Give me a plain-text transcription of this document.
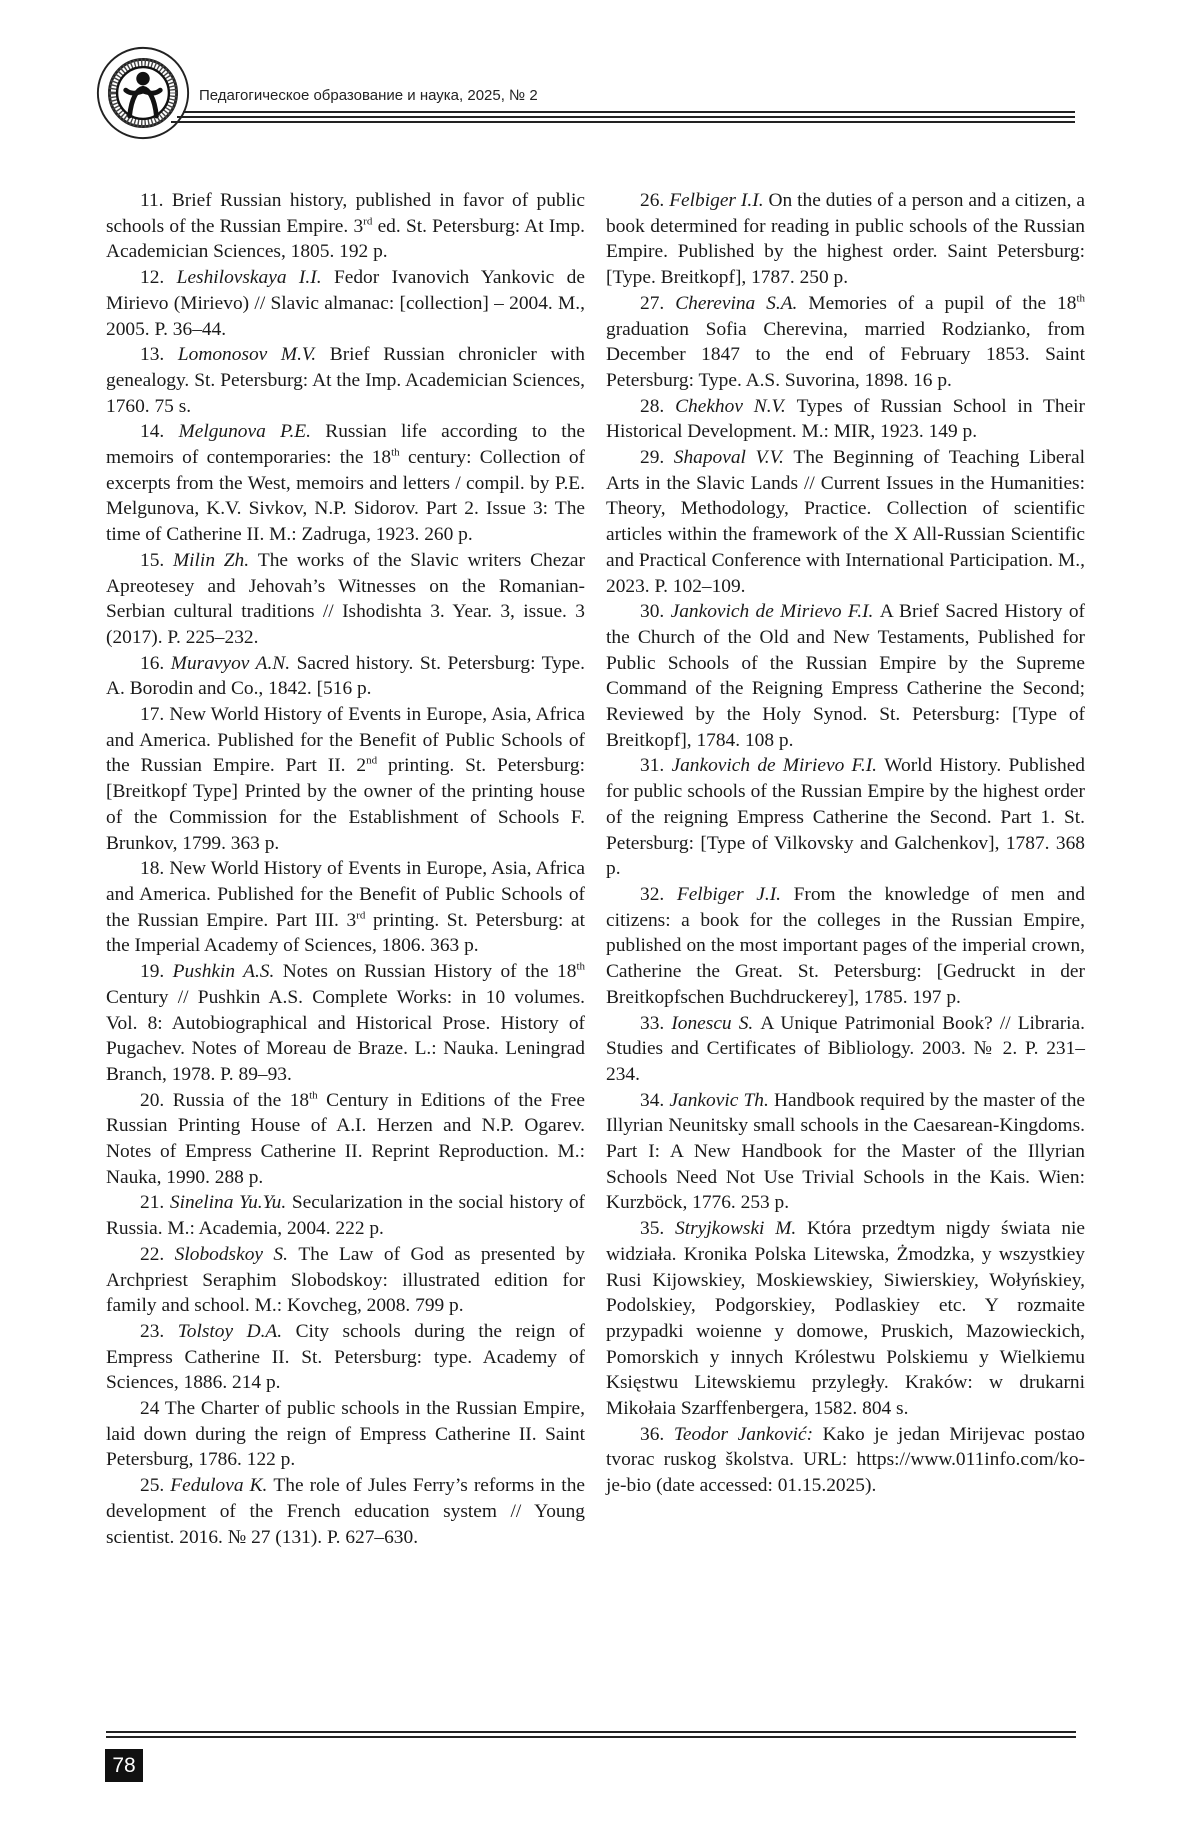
Педагогическое образование и наука, 2025, № 2

11. Brief Russian history, published in favor of public schools of the Russian Empire. 3rd ed. St. Petersburg: At Imp. Academician Sciences, 1805. 192 p.

12. Leshilovskaya I.I. Fedor Ivanovich Yankovic de Mirievo (Mirievo) // Slavic almanac: [collection] – 2004. M., 2005. P. 36–44.

13. Lomonosov M.V. Brief Russian chronicler with genealogy. St. Petersburg: At the Imp. Academician Sciences, 1760. 75 s.

14. Melgunova P.E. Russian life according to the memoirs of contemporaries: the 18th century: Collection of excerpts from the West, memoirs and letters / compil. by P.E. Melgunova, K.V. Sivkov, N.P. Sidorov. Part 2. Issue 3: The time of Catherine II. M.: Zadruga, 1923. 260 p.

15. Milin Zh. The works of the Slavic writers Chezar Apreotesey and Jehovah’s Witnesses on the Romanian-Serbian cultural traditions // Ishodishta 3. Year. 3, issue. 3 (2017). P. 225–232.

16. Muravyov A.N. Sacred history. St. Petersburg: Type. A. Borodin and Co., 1842. [516 p.

17. New World History of Events in Europe, Asia, Africa and America. Published for the Benefit of Public Schools of the Russian Empire. Part II. 2nd printing. St. Petersburg: [Breitkopf Type] Printed by the owner of the printing house of the Commission for the Establishment of Schools F. Brunkov, 1799. 363 p.

18. New World History of Events in Europe, Asia, Africa and America. Published for the Benefit of Public Schools of the Russian Empire. Part III. 3rd printing. St. Petersburg: at the Imperial Academy of Sciences, 1806. 363 p.

19. Pushkin A.S. Notes on Russian History of the 18th Century // Pushkin A.S. Complete Works: in 10 volumes. Vol. 8: Autobiographical and Historical Prose. History of Pugachev. Notes of Moreau de Braze. L.: Nauka. Leningrad Branch, 1978. P. 89–93.

20. Russia of the 18th Century in Editions of the Free Russian Printing House of A.I. Herzen and N.P. Ogarev. Notes of Empress Catherine II. Reprint Reproduction. M.: Nauka, 1990. 288 p.

21. Sinelina Yu.Yu. Secularization in the social history of Russia. M.: Academia, 2004. 222 p.

22. Slobodskoy S. The Law of God as presented by Archpriest Seraphim Slobodskoy: illustrated edition for family and school. M.: Kovcheg, 2008. 799 p.

23. Tolstoy D.A. City schools during the reign of Empress Catherine II. St. Petersburg: type. Academy of Sciences, 1886. 214 p.

24 The Charter of public schools in the Russian Empire, laid down during the reign of Empress Catherine II. Saint Petersburg, 1786. 122 p.

25. Fedulova K. The role of Jules Ferry’s reforms in the development of the French education system // Young scientist. 2016. № 27 (131). P. 627–630.

26. Felbiger I.I. On the duties of a person and a citizen, a book determined for reading in public schools of the Russian Empire. Published by the highest order. Saint Petersburg: [Type. Breitkopf], 1787. 250 p.

27. Cherevina S.A. Memories of a pupil of the 18th graduation Sofia Cherevina, married Rodzianko, from December 1847 to the end of February 1853. Saint Petersburg: Type. A.S. Suvorina, 1898. 16 p.

28. Chekhov N.V. Types of Russian School in Their Historical Development. M.: MIR, 1923. 149 p.

29. Shapoval V.V. The Beginning of Teaching Liberal Arts in the Slavic Lands // Current Issues in the Humanities: Theory, Methodology, Practice. Collection of scientific articles within the framework of the X All-Russian Scientific and Practical Conference with International Participation. M., 2023. P. 102–109.

30. Jankovich de Mirievo F.I. A Brief Sacred History of the Church of the Old and New Testaments, Published for Public Schools of the Russian Empire by the Supreme Command of the Reigning Empress Catherine the Second; Reviewed by the Holy Synod. St. Petersburg: [Type of Breitkopf], 1784. 108 p.

31. Jankovich de Mirievo F.I. World History. Published for public schools of the Russian Empire by the highest order of the reigning Empress Catherine the Second. Part 1. St. Petersburg: [Type of Vilkovsky and Galchenkov], 1787. 368 p.

32. Felbiger J.I. From the knowledge of men and citizens: a book for the colleges in the Russian Empire, published on the most important pages of the imperial crown, Catherine the Great. St. Petersburg: [Gedruckt in der Breitkopfschen Buchdruckerey], 1785. 197 p.

33. Ionescu S. A Unique Patrimonial Book? // Libraria. Studies and Certificates of Bibliology. 2003. № 2. P. 231–234.

34. Jankovic Th. Handbook required by the master of the Illyrian Neunitsky small schools in the Caesarean-Kingdoms. Part I: A New Handbook for the Master of the Illyrian Schools Need Not Use Trivial Schools in the Kais. Wien: Kurzböck, 1776. 253 p.

35. Stryjkowski M. Która przedtym nigdy świata nie widziała. Kronika Polska Litewska, Żmodzka, y wszystkiey Rusi Kijowskiey, Moskiewskiey, Siwierskiey, Wołyńskiey, Podolskiey, Podgorskiey, Podlaskiey etc. Y rozmaite przypadki woienne y domowe, Pruskich, Mazowieckich, Pomorskich y innych Królestwu Polskiemu y Wielkiemu Księstwu Litewskiemu przyległy. Kraków: w drukarni Mikołaia Szarffenbergera, 1582. 804 s.

36. Teodor Janković: Kako je jedan Mirijevac postao tvorac ruskog školstva. URL: https://www.011info.com/ko-je-bio (date accessed: 01.15.2025).

78
